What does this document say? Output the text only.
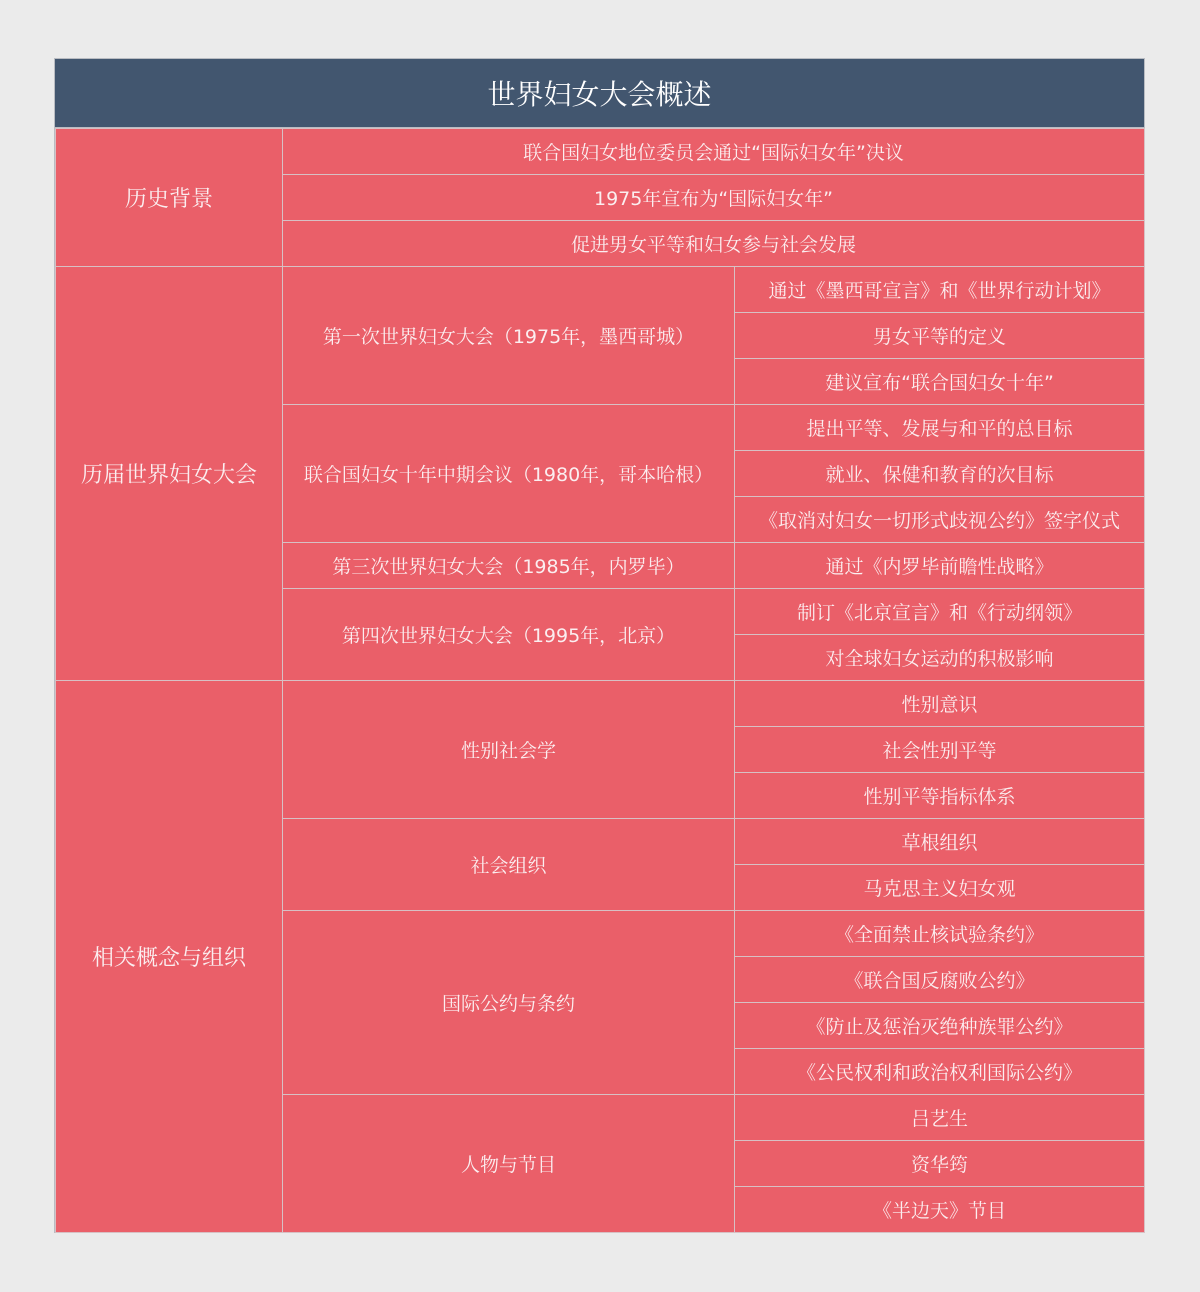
世界妇女大会概述
历史背景	联合国妇女地位委员会通过“国际妇女年”决议	
	1975年宣布为“国际妇女年”	
	促进男女平等和妇女参与社会发展	
历届世界妇女大会	第一次世界妇女大会（1975年，墨西哥城）	通过《墨西哥宣言》和《世界行动计划》
		男女平等的定义
		建议宣布“联合国妇女十年”
	联合国妇女十年中期会议（1980年，哥本哈根）	提出平等、发展与和平的总目标
		就业、保健和教育的次目标
		《取消对妇女一切形式歧视公约》签字仪式
	第三次世界妇女大会（1985年，内罗毕）	通过《内罗毕前瞻性战略》
	第四次世界妇女大会（1995年，北京）	制订《北京宣言》和《行动纲领》
		对全球妇女运动的积极影响
相关概念与组织	性别社会学	性别意识
		社会性别平等
		性别平等指标体系
	社会组织	草根组织
		马克思主义妇女观
	国际公约与条约	《全面禁止核试验条约》
		《联合国反腐败公约》
		《防止及惩治灭绝种族罪公约》
		《公民权利和政治权利国际公约》
	人物与节目	吕艺生
		资华筠
		《半边天》节目
